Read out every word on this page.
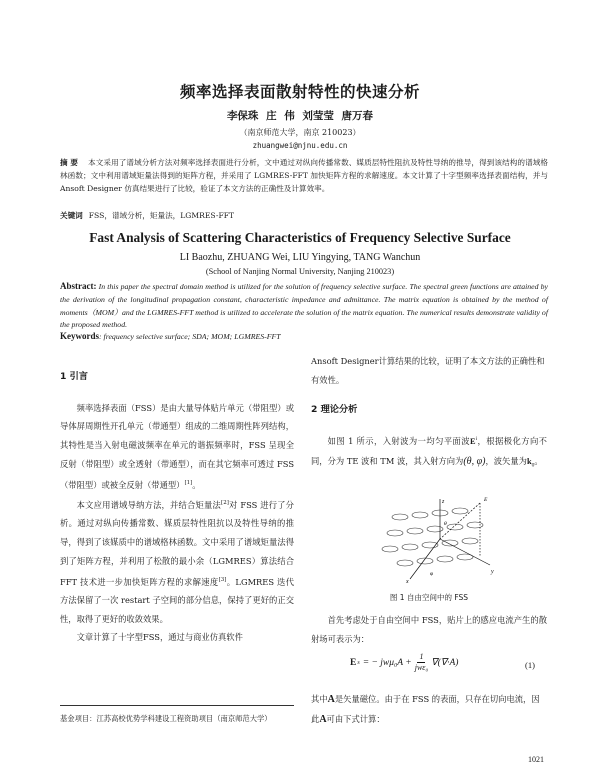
频率选择表面散射特性的快速分析
李保珠 庄 伟 刘莹莹 唐万春
（南京师范大学，南京 210023）
zhuangwei@njnu.edu.cn
摘 要 本文采用了谱域分析方法对频率选择表面进行分析，文中通过对纵向传播常数、媒质层特性阻抗及特性导纳的推导，得到该结构的谱域格林函数；文中利用谱域矩量法得到的矩阵方程，并采用了 LGMRES-FFT 加快矩阵方程的求解速度。本文计算了十字型频率选择表面结构，并与 Ansoft Designer 仿真结果进行了比较，验证了本文方法的正确性及计算效率。
关键词 FSS，谱域分析，矩量法，LGMRES-FFT
Fast Analysis of Scattering Characteristics of Frequency Selective Surface
LI Baozhu, ZHUANG Wei, LIU Yingying, TANG Wanchun
(School of Nanjing Normal University, Nanjing 210023)
Abstract: In this paper the spectral domain method is utilized for the solution of frequency selective surface. The spectral green functions are attained by the derivation of the longitudinal propagation constant, characteristic impedance and admittance. The matrix equation is obtained by the method of moments（MOM）and the LGMRES-FFT method is utilized to accelerate the solution of the matrix equation. The numerical results demonstrate validity of the proposed method.
Keywords: frequency selective surface; SDA; MOM; LGMRES-FFT
1 引言
频率选择表面（FSS）是由大量导体贴片单元（带阻型）或导体屏周期性开孔单元（带通型）组成的二维周期性阵列结构，其特性是当入射电磁波频率在单元的谐振频率时，FSS 呈现全反射（带阻型）或全透射（带通型），而在其它频率可透过 FSS（带阻型）或被全反射（带通型）[1]。
本文应用谱域导纳方法，并结合矩量法[2]对 FSS 进行了分析。通过对纵向传播常数、媒质层特性阻抗以及特性导纳的推导，得到了该媒质中的谱域格林函数。文中采用了谱域矩量法得到了矩阵方程，并利用了松散的最小余（LGMRES）算法结合 FFT 技术进一步加快矩阵方程的求解速度[3]。LGMRES 迭代方法保留了一次 restart 子空间的部分信息，保持了更好的正交性，取得了更好的收敛效果。
文章计算了十字型FSS，通过与商业仿真软件
基金项目：江苏高校优势学科建设工程资助项目（南京师范大学）
Ansoft Designer计算结果的比较，证明了本文方法的正确性和有效性。
2 理论分析
如图 1 所示，入射波为一均匀平面波$E^i$，根据极化方向不同，分为 TE 波和 TM 波，其入射方向为(θ, φ)，波矢量为$k_0$。
z	E
θ
φ
x
y
图 1 自由空间中的 FSS
首先考虑处于自由空间中 FSS，贴片上的感应电流产生的散射场可表示为：
E s = − jwμ₀A +
1
jwε₀ ∇(∇·A)	(1)
其中A是矢量磁位。由于在 FSS 的表面，只存在切向电流，因此A可由下式计算：
1021
